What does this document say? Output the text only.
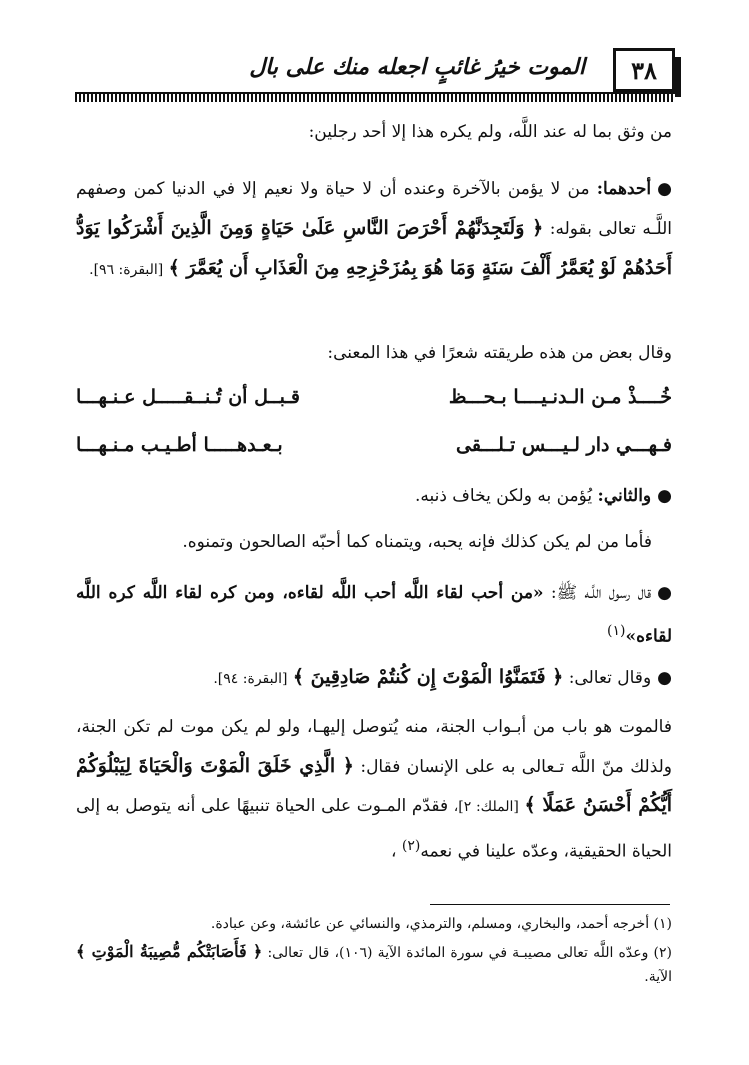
٣٨
الموت خيرُ غائبٍ اجعله منك على بال
من وثق بما له عند اللَّه، ولم يكره هذا إلا أحد رجلين:
●أحدهما: من لا يؤمن بالآخرة وعنده أن لا حياة ولا نعيم إلا في الدنيا كمن وصفهم اللَّـه تعالى بقوله: ﴿ وَلَتَجِدَنَّهُمْ أَحْرَصَ النَّاسِ عَلَىٰ حَيَاةٍ وَمِنَ الَّذِينَ أَشْرَكُوا يَوَدُّ أَحَدُهُمْ لَوْ يُعَمَّرُ أَلْفَ سَنَةٍ وَمَا هُوَ بِمُزَحْزِحِهِ مِنَ الْعَذَابِ أَن يُعَمَّرَ ﴾ [البقرة: ٩٦].
وقال بعض من هذه طريقته شعرًا في هذا المعنى:
خُــــذْ مـن الـدنـيــــا بـحـــظ
قـبــل أن تُـنــقـــــل عـنـهـــا
فـهـــي دار لـيـــس تـلـــقى
بـعـدهـــــا أطـيـب مـنـهـــا
●والثاني: يُؤمن به ولكن يخاف ذنبه.
فأما من لم يكن كذلك فإنه يحبه، ويتمناه كما أحبّه الصالحون وتمنوه.
●قال رسول اللَّـه ﷺ: «من أحب لقاء اللَّه أحب اللَّه لقاءه، ومن كره لقاء اللَّه كره اللَّه لقاءه»$^{(١)}$
●وقال تعالى: ﴿ فَتَمَنَّوُا الْمَوْتَ إِن كُنتُمْ صَادِقِينَ ﴾ [البقرة: ٩٤].
فالموت هو باب من أبـواب الجنة، منه يُتوصل إليهـا، ولو لم يكن موت لم تكن الجنة، ولذلك منّ اللَّه تـعالى به على الإنسان فقال: ﴿ الَّذِي خَلَقَ الْمَوْتَ وَالْحَيَاةَ لِيَبْلُوَكُمْ أَيُّكُمْ أَحْسَنُ عَمَلًا ﴾ [الملك: ٢]، فقدّم المـوت على الحياة تنبيهًا على أنه يتوصل به إلى الحياة الحقيقية، وعدّه علينا في نعمه$^{(٢)}$ ،
(١) أخرجه أحمد، والبخاري، ومسلم، والترمذي، والنسائي عن عائشة، وعن عبادة.
(٢) وعدّه اللَّه تعالى مصيبـة في سورة المائدة الآية (١٠٦)، قال تعالى: ﴿ فَأَصَابَتْكُم مُّصِيبَةُ الْمَوْتِ ﴾ الآية.
